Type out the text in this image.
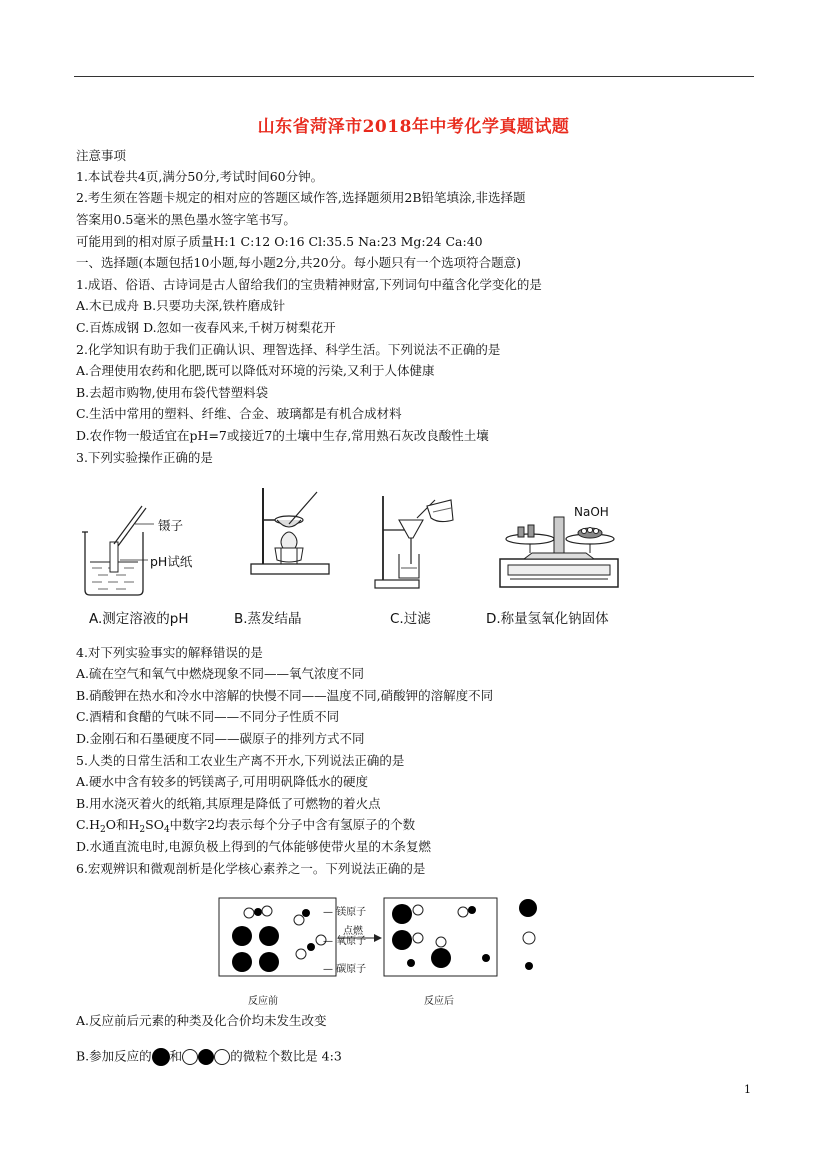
山东省菏泽市2018年中考化学真题试题
注意事项
1.本试卷共4页,满分50分,考试时间60分钟。
2.考生须在答题卡规定的相对应的答题区域作答,选择题须用2B铅笔填涂,非选择题
答案用0.5毫米的黑色墨水签字笔书写。
可能用到的相对原子质量H:1 C:12 O:16 Cl:35.5 Na:23 Mg:24 Ca:40
一、选择题(本题包括10小题,每小题2分,共20分。每小题只有一个选项符合题意)
1.成语、俗语、古诗词是古人留给我们的宝贵精神财富,下列词句中蕴含化学变化的是
A.木已成舟 B.只要功夫深,铁杵磨成针
C.百炼成钢 D.忽如一夜春风来,千树万树梨花开
2.化学知识有助于我们正确认识、理智选择、科学生活。下列说法不正确的是
A.合理使用农药和化肥,既可以降低对环境的污染,又利于人体健康
B.去超市购物,使用布袋代替塑料袋
C.生活中常用的塑料、纤维、合金、玻璃都是有机合成材料
D.农作物一般适宜在pH=7或接近7的土壤中生存,常用熟石灰改良酸性土壤
3.下列实验操作正确的是
镊子
pH试纸
NaOH
A.测定溶液的pH	B.蒸发结晶	C.过滤	D.称量氢氧化钠固体
4.对下列实验事实的解释错误的是
A.硫在空气和氧气中燃烧现象不同——氧气浓度不同
B.硝酸钾在热水和冷水中溶解的快慢不同——温度不同,硝酸钾的溶解度不同
C.酒精和食醋的气味不同——不同分子性质不同
D.金刚石和石墨硬度不同——碳原子的排列方式不同
5.人类的日常生活和工农业生产离不开水,下列说法正确的是
A.硬水中含有较多的钙镁离子,可用明矾降低水的硬度
B.用水浇灭着火的纸箱,其原理是降低了可燃物的着火点
$C.H_2O$和$H_2SO_4$中数字2均表示每个分子中含有氢原子的个数
D.水通直流电时,电源负极上得到的气体能够使带火星的木条复燃
6.宏观辨识和微观剖析是化学核心素养之一。下列说法正确的是
点燃
— 镁原子
— 氧原子
— 碳原子
反应前	反应后
A.反应前后元素的种类及化合价均未发生改变
B.参加反应的 和	的微粒个数比是 4:3
1
